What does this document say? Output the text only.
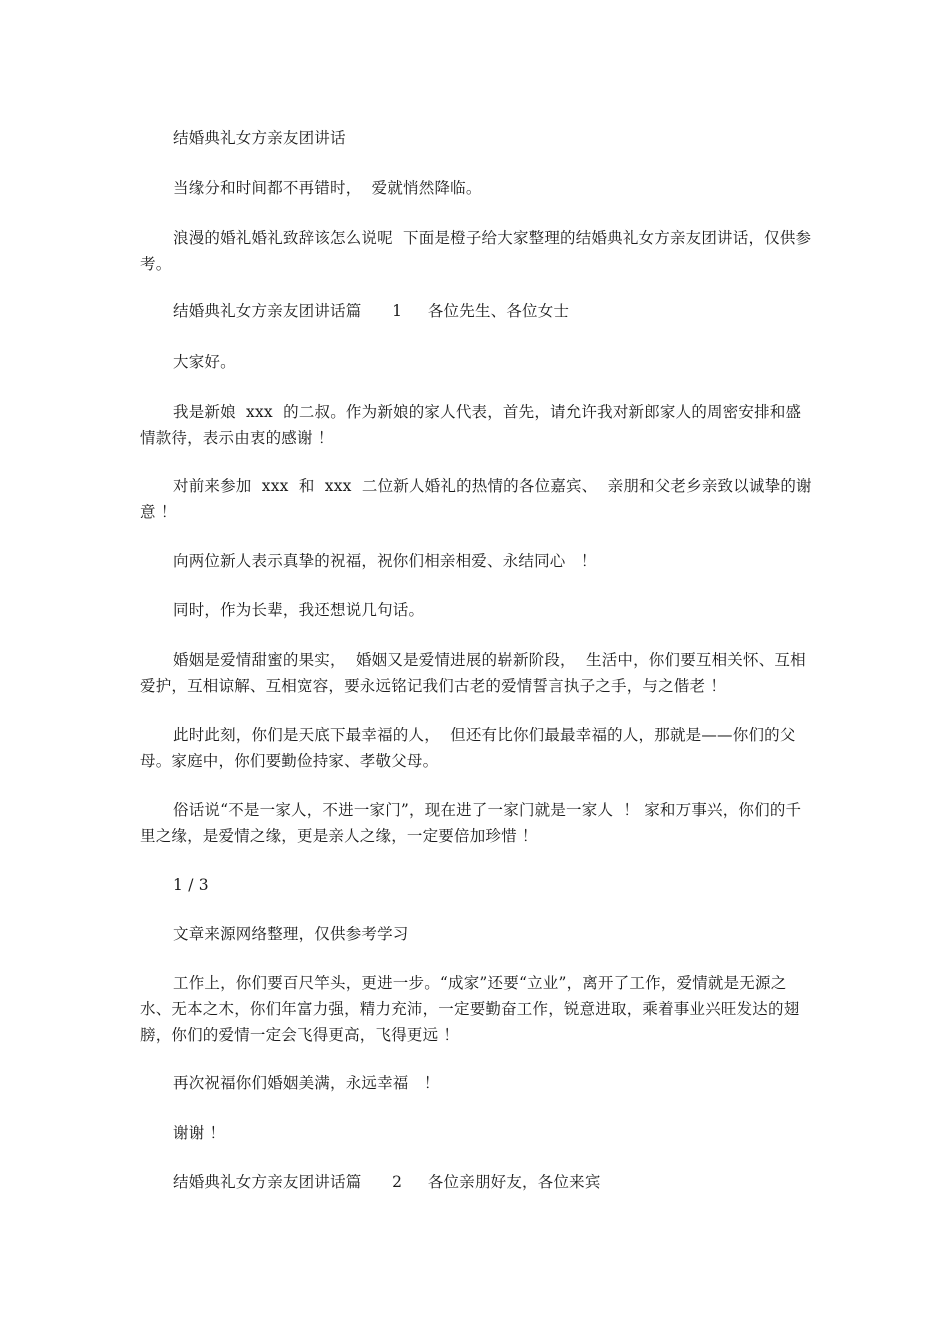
结婚典礼女方亲友团讲话

当缘分和时间都不再错时，  爱就悄然降临。

浪漫的婚礼婚礼致辞该怎么说呢  下面是橙子给大家整理的结婚典礼女方亲友团讲话，仅供参考。

结婚典礼女方亲友团讲话篇      1     各位先生、各位女士

大家好。

我是新娘  xxx  的二叔。作为新娘的家人代表，首先，请允许我对新郎家人的周密安排和盛情款待，表示由衷的感谢 ！

对前来参加  xxx  和  xxx  二位新人婚礼的热情的各位嘉宾、  亲朋和父老乡亲致以诚挚的谢意 ！

向两位新人表示真挚的祝福，祝你们相亲相爱、永结同心   ！

同时，作为长辈，我还想说几句话。

婚姻是爱情甜蜜的果实，  婚姻又是爱情进展的崭新阶段，  生活中，你们要互相关怀、互相爱护，互相谅解、互相宽容，要永远铭记我们古老的爱情誓言执子之手，与之偕老 ！

此时此刻，你们是天底下最幸福的人，  但还有比你们最最幸福的人，那就是——你们的父母。家庭中，你们要勤俭持家、孝敬父母。

俗话说“不是一家人，不进一家门”，现在进了一家门就是一家人  ！ 家和万事兴，你们的千里之缘，是爱情之缘，更是亲人之缘，一定要倍加珍惜 ！

1 / 3

文章来源网络整理，仅供参考学习

工作上，你们要百尺竿头，更进一步。“成家”还要“立业”，离开了工作，爱情就是无源之水、无本之木，你们年富力强，精力充沛，一定要勤奋工作，锐意进取，乘着事业兴旺发达的翅膀，你们的爱情一定会飞得更高，飞得更远 ！

再次祝福你们婚姻美满，永远幸福   ！

谢谢 ！

结婚典礼女方亲友团讲话篇      2     各位亲朋好友，各位来宾
